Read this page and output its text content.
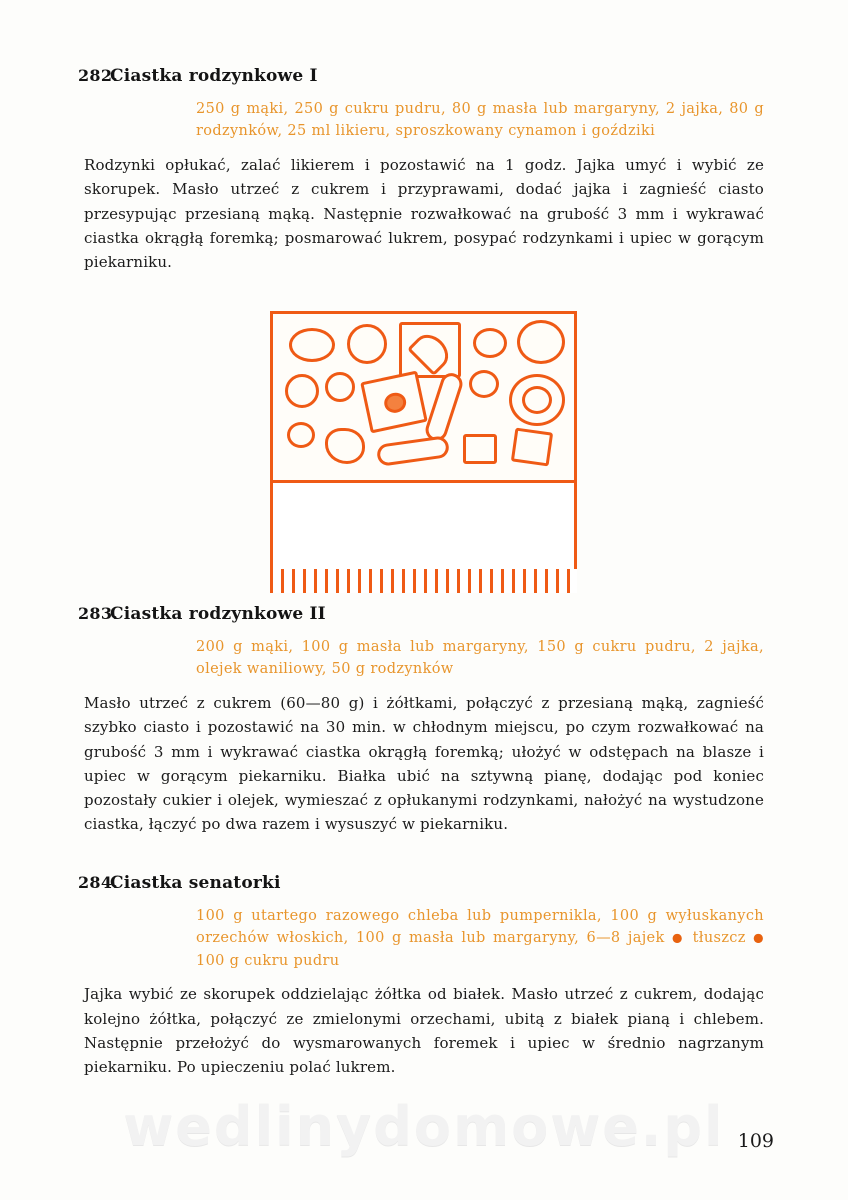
282.
Ciastka rodzynkowe I

250 g mąki, 250 g cukru pudru, 80 g masła lub margaryny, 2 jajka, 80 g rodzynków, 25 ml likieru, sproszkowany cynamon i goździki

Rodzynki opłukać, zalać likierem i pozostawić na 1 godz. Jajka umyć i wybić ze skorupek. Masło utrzeć z cukrem i przyprawami, dodać jajka i zagnieść ciasto przesypując przesianą mąką. Następnie rozwałkować na grubość 3 mm i wykrawać ciastka okrągłą foremką; posmarować lukrem, posypać rodzynkami i upiec w gorącym piekarniku.

283.
Ciastka rodzynkowe II

200 g mąki, 100 g masła lub margaryny, 150 g cukru pudru, 2 jajka, olejek waniliowy, 50 g rodzynków

Masło utrzeć z cukrem (60—80 g) i żółtkami, połączyć z przesianą mąką, zagnieść szybko ciasto i pozostawić na 30 min. w chłodnym miejscu, po czym rozwałkować na grubość 3 mm i wykrawać ciastka okrągłą foremką; ułożyć w odstępach na blasze i upiec w gorącym piekarniku. Białka ubić na sztywną pianę, dodając pod koniec pozostały cukier i olejek, wymieszać z opłukanymi rodzynkami, nałożyć na wystudzone ciastka, łączyć po dwa razem i wysuszyć w piekarniku.

284.
Ciastka senatorki

100 g utartego razowego chleba lub pumpernikla, 100 g wyłuskanych orzechów włoskich, 100 g masła lub margaryny, 6—8 jajek ● tłuszcz ● 100 g cukru pudru

Jajka wybić ze skorupek oddzielając żółtka od białek. Masło utrzeć z cukrem, dodając kolejno żółtka, połączyć ze zmielonymi orzechami, ubitą z białek pianą i chlebem. Następnie przełożyć do wysmarowanych foremek i upiec w średnio nagrzanym piekarniku. Po upieczeniu polać lukrem.

wedlinydomowe.pl 109
